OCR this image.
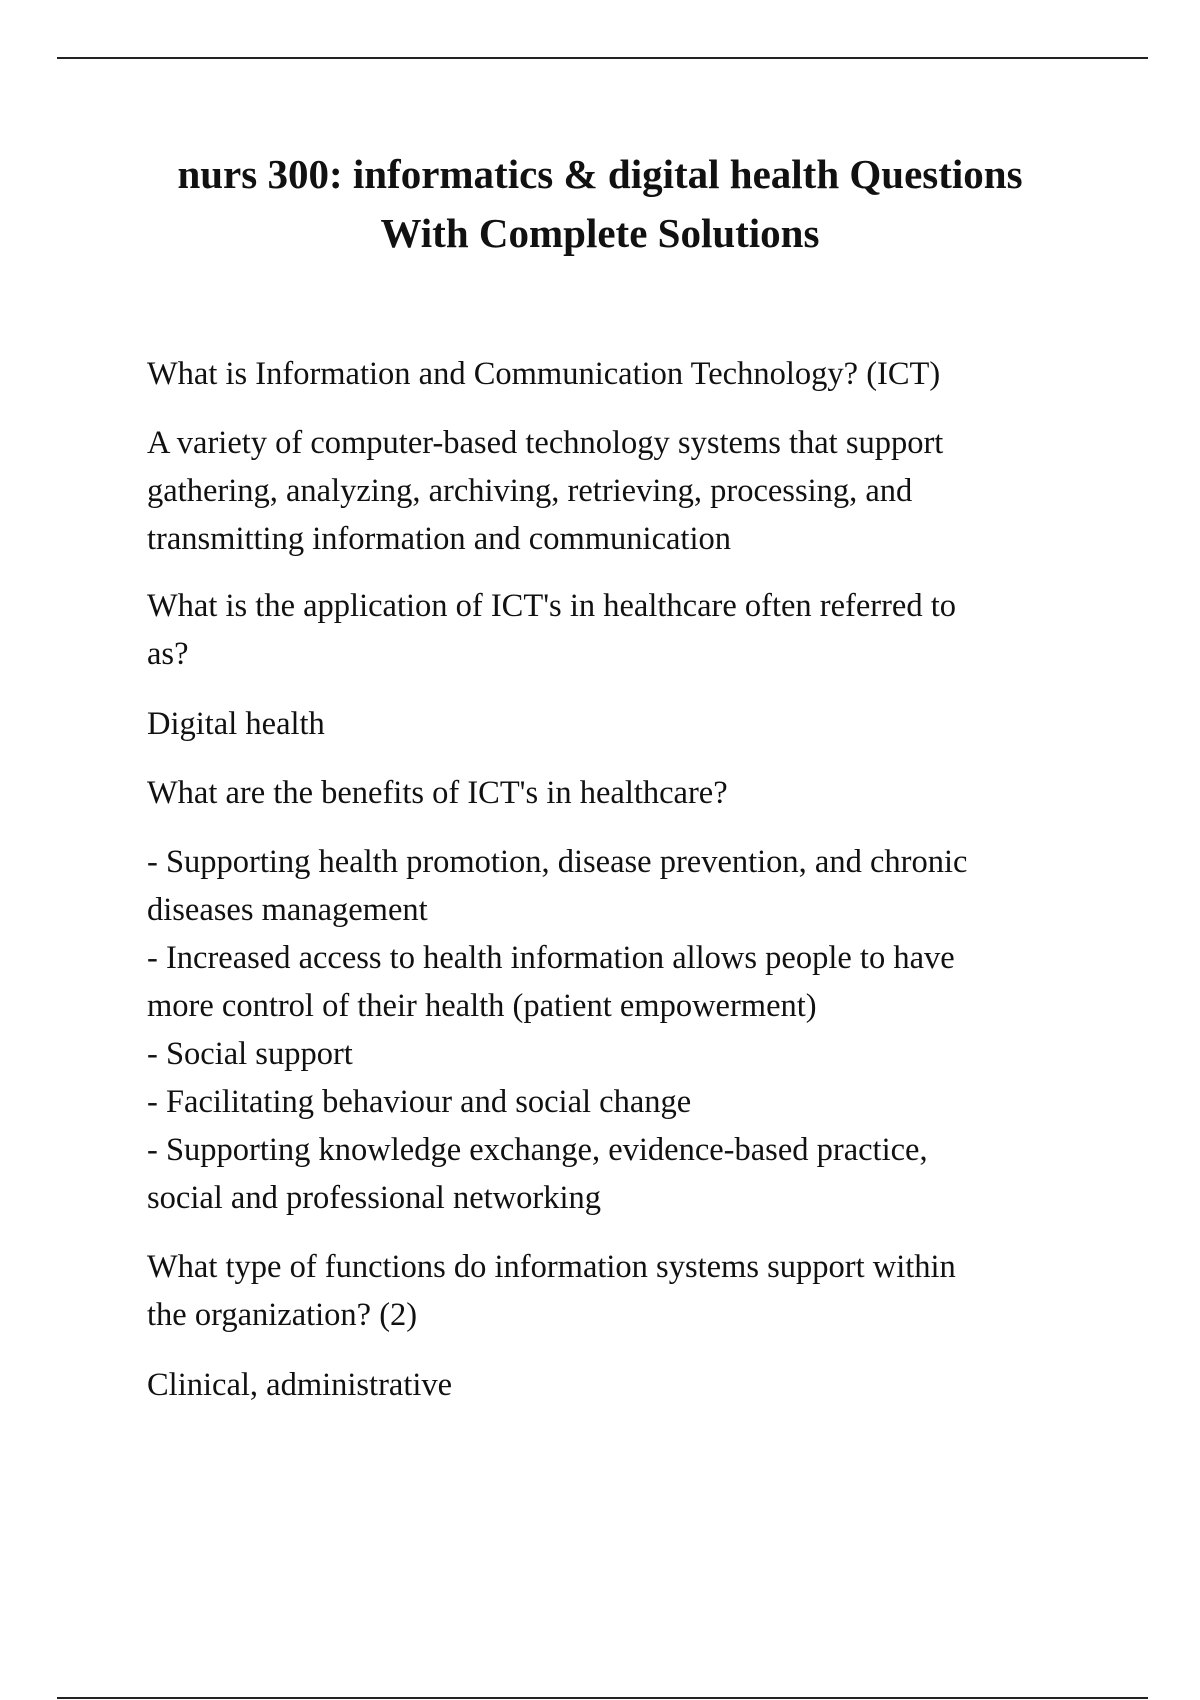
nurs 300: informatics & digital health Questions
With Complete Solutions
What is Information and Communication Technology? (ICT)
A variety of computer-based technology systems that support
gathering, analyzing, archiving, retrieving, processing, and
transmitting information and communication
What is the application of ICT's in healthcare often referred to
as?
Digital health
What are the benefits of ICT's in healthcare?
- Supporting health promotion, disease prevention, and chronic
diseases management
- Increased access to health information allows people to have
more control of their health (patient empowerment)
- Social support
- Facilitating behaviour and social change
- Supporting knowledge exchange, evidence-based practice,
social and professional networking
What type of functions do information systems support within
the organization? (2)
Clinical, administrative
